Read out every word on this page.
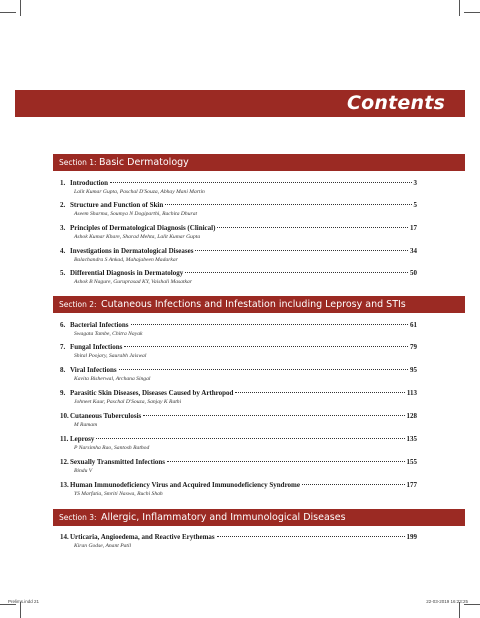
Contents
Section 1: Basic Dermatology
1. Introduction	3
Lalit Kumar Gupta, Paschal D'Souza, Abhay Mani Martin
2. Structure and Function of Skin	5
Aseem Sharma, Soumya N Dogiparthi, Rachita Dhurat
3. Principles of Dermatological Diagnosis (Clinical)	17
Ashok Kumar Khare, Sharad Mehta, Lalit Kumar Gupta
4. Investigations in Dermatological Diseases	34
Balachandra S Ankad, Mahajabeen Madarkar
5. Differential Diagnosis in Dermatology	50
Ashok B Nagure, Guruprasad KY, Vaishali Masatkar
Section 2: Cutaneous Infections and Infestation including Leprosy and STIs
6. Bacterial Infections	61
Swagata Tambe, Chitra Nayak
7. Fungal Infections	79
Shital Poojary, Saurabh Jaiswal
8. Viral Infections	95
Kavita Bisherwal, Archana Singal
9. Parasitic Skin Diseases, Diseases Caused by Arthropod	113
Johneet Kaur, Paschal D'Souza, Sanjay K Rathi
10. Cutaneous Tuberculosis	128
M Ramam
11. Leprosy	135
P Narsimha Rao, Santosh Rathod
12. Sexually Transmitted Infections	155
Bindu V
13. Human Immunodeficiency Virus and Acquired Immunodeficiency Syndrome	177
YS Marfatia, Smriti Naswa, Ruchi Shah
Section 3: Allergic, Inflammatory and Immunological Diseases
14. Urticaria, Angioedema, and Reactive Erythemas	199
Kiran Godse, Anant Patil
Prelims.indd 21	22-03-2019 16:23:25
